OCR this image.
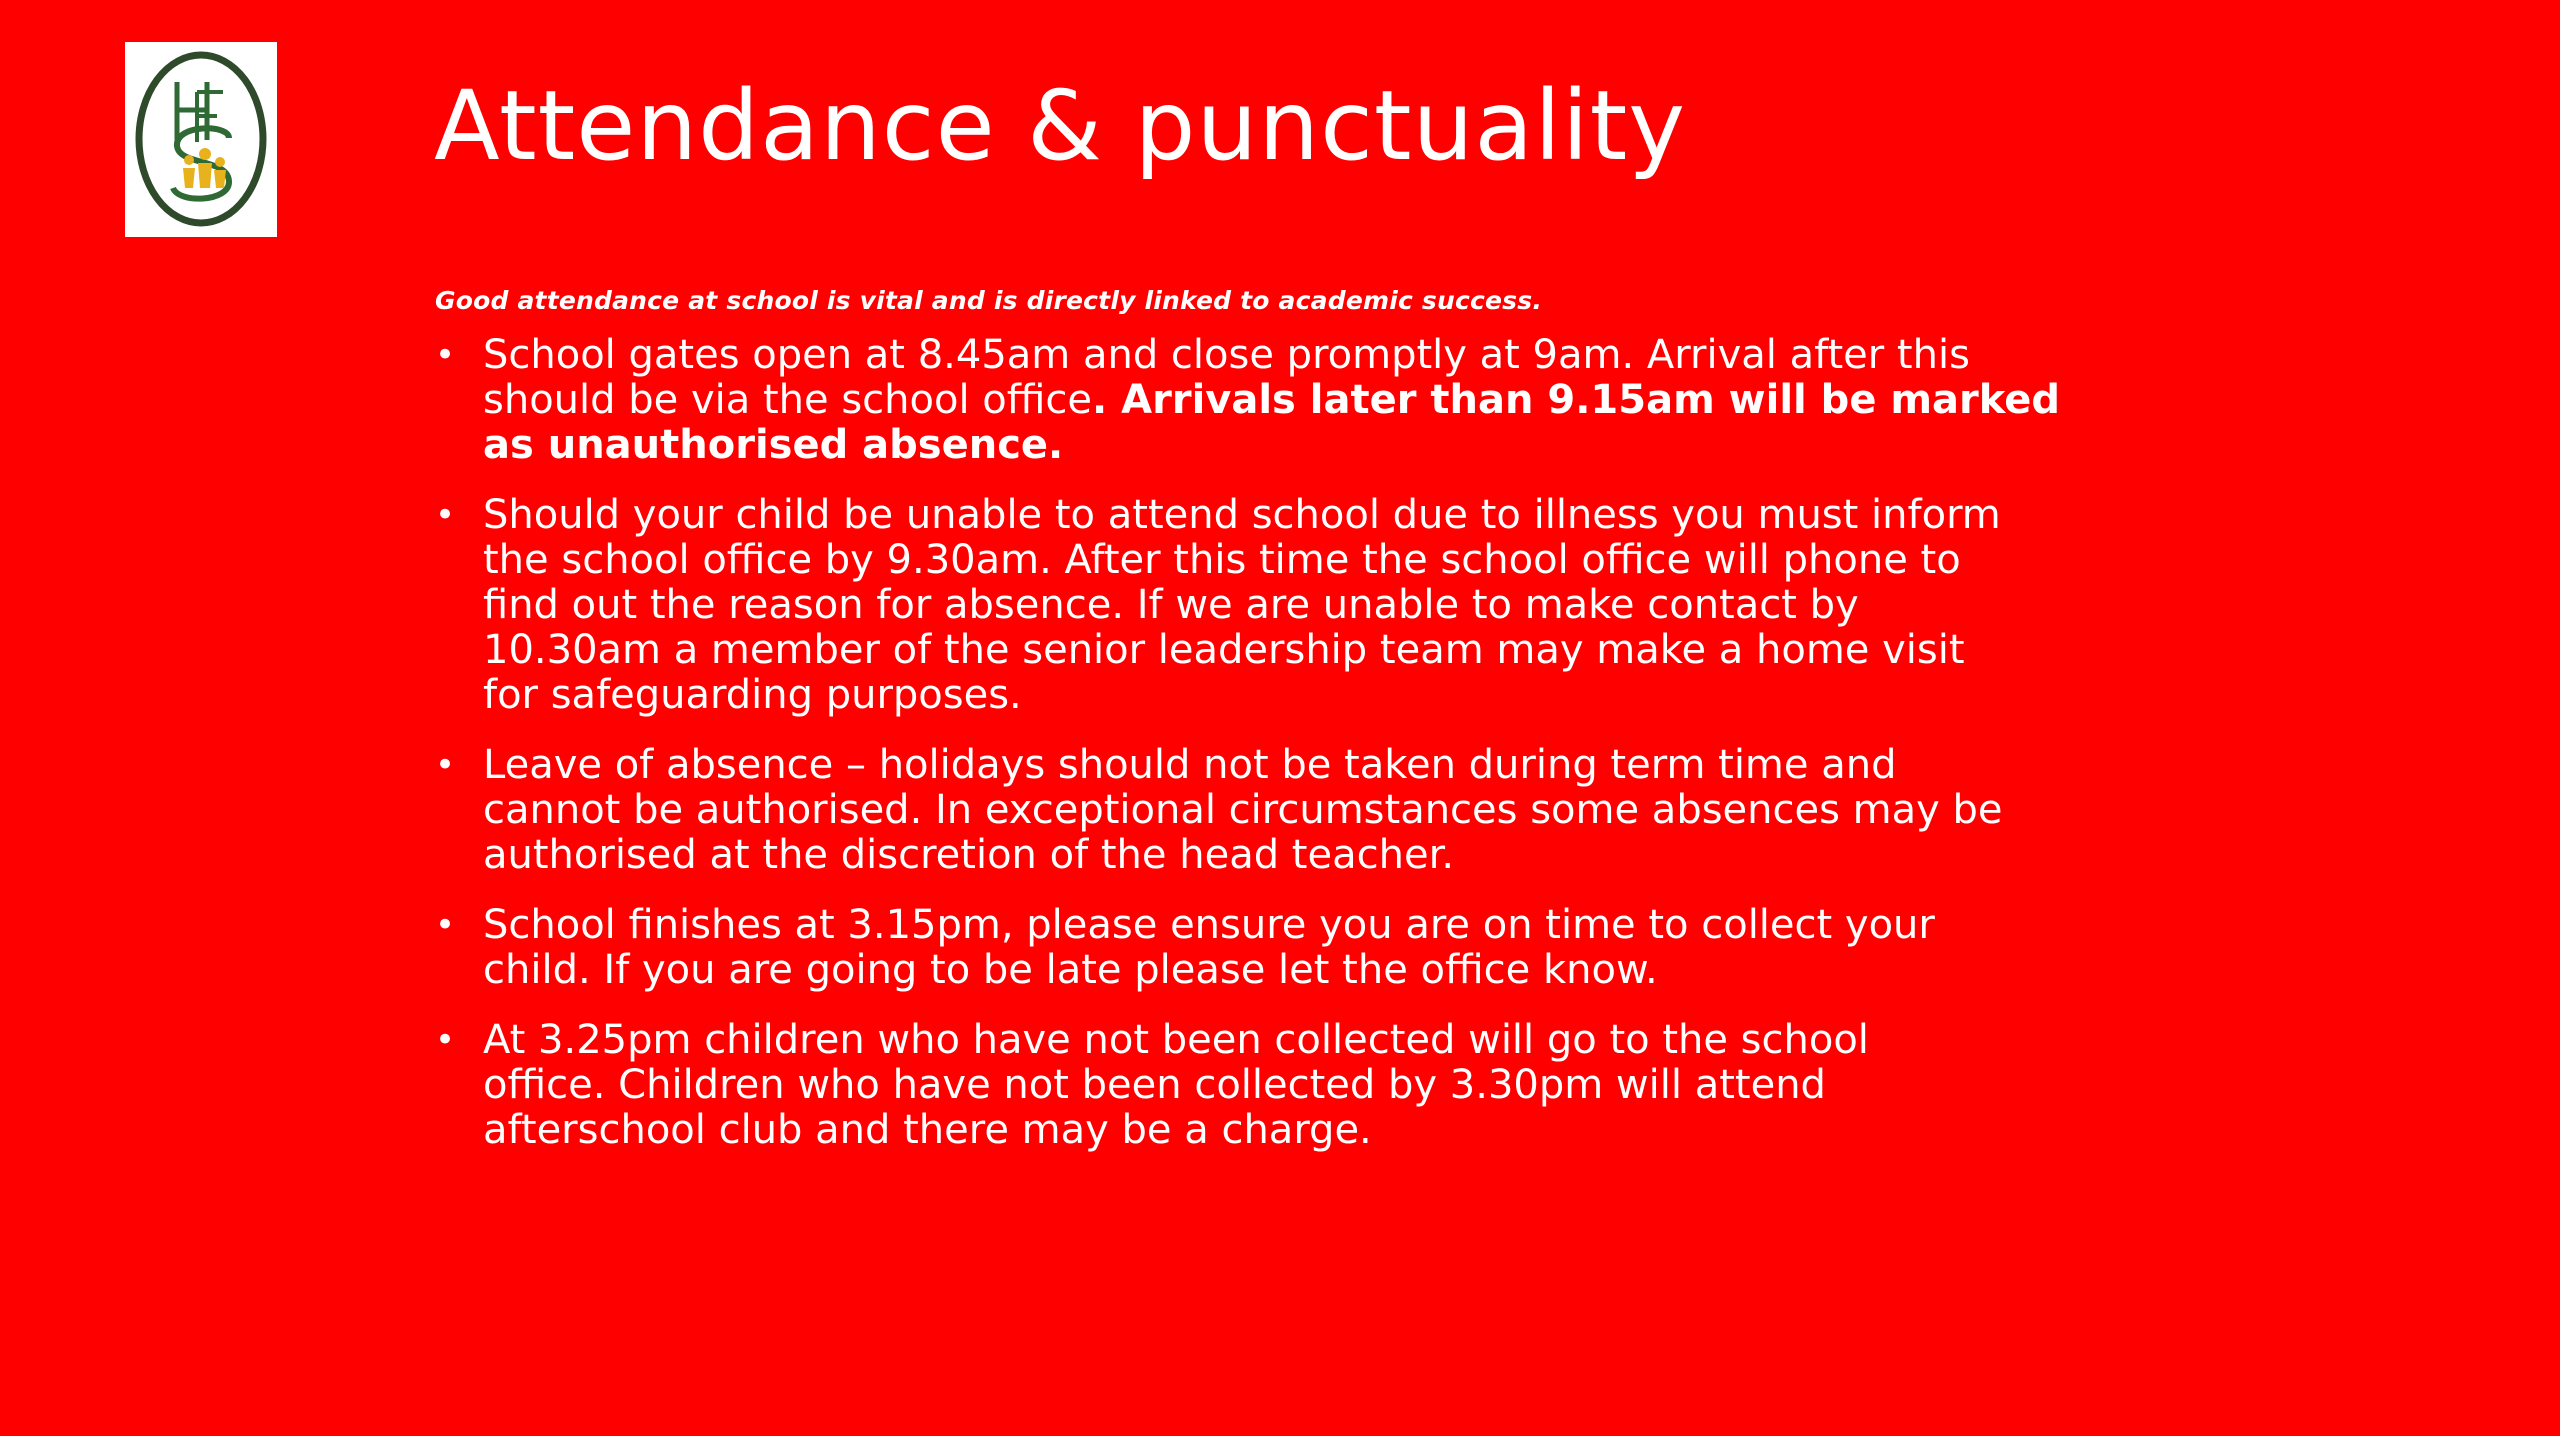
Attendance & punctuality

Good attendance at school is vital and is directly linked to academic success.

• School gates open at 8.45am and close promptly at 9am. Arrival after this
should be via the school office. Arrivals later than 9.15am will be marked
as unauthorised absence.
• Should your child be unable to attend school due to illness you must inform
the school office by 9.30am. After this time the school office will phone to
find out the reason for absence. If we are unable to make contact by
10.30am a member of the senior leadership team may make a home visit
for safeguarding purposes.
• Leave of absence – holidays should not be taken during term time and
cannot be authorised. In exceptional circumstances some absences may be
authorised at the discretion of the head teacher.
• School finishes at 3.15pm, please ensure you are on time to collect your
child. If you are going to be late please let the office know.
• At 3.25pm children who have not been collected will go to the school
office. Children who have not been collected by 3.30pm will attend
afterschool club and there may be a charge.
